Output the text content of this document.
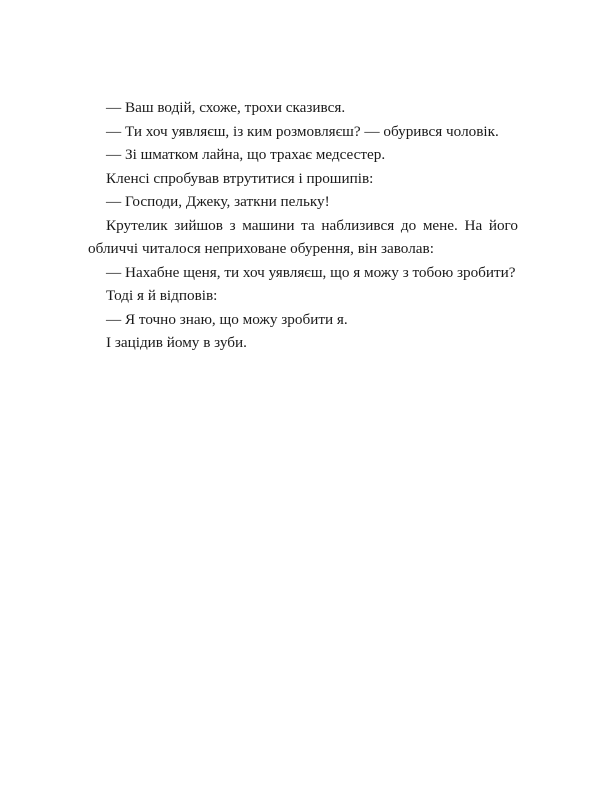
— Ваш водій, схоже, трохи сказився.

— Ти хоч уявляєш, із ким розмовляєш? — обурився чоловік.

— Зі шматком лайна, що трахає медсестер.

Кленсі спробував втрутитися і прошипів:

— Господи, Джеку, заткни пельку!

Крутелик зийшов з машини та наблизився до мене. На його обличчі читалося неприховане обурення, він заволав:

— Нахабне щеня, ти хоч уявляєш, що я можу з тобою зробити?

Тоді я й відповів:

— Я точно знаю, що можу зробити я.

І зацідив йому в зуби.
